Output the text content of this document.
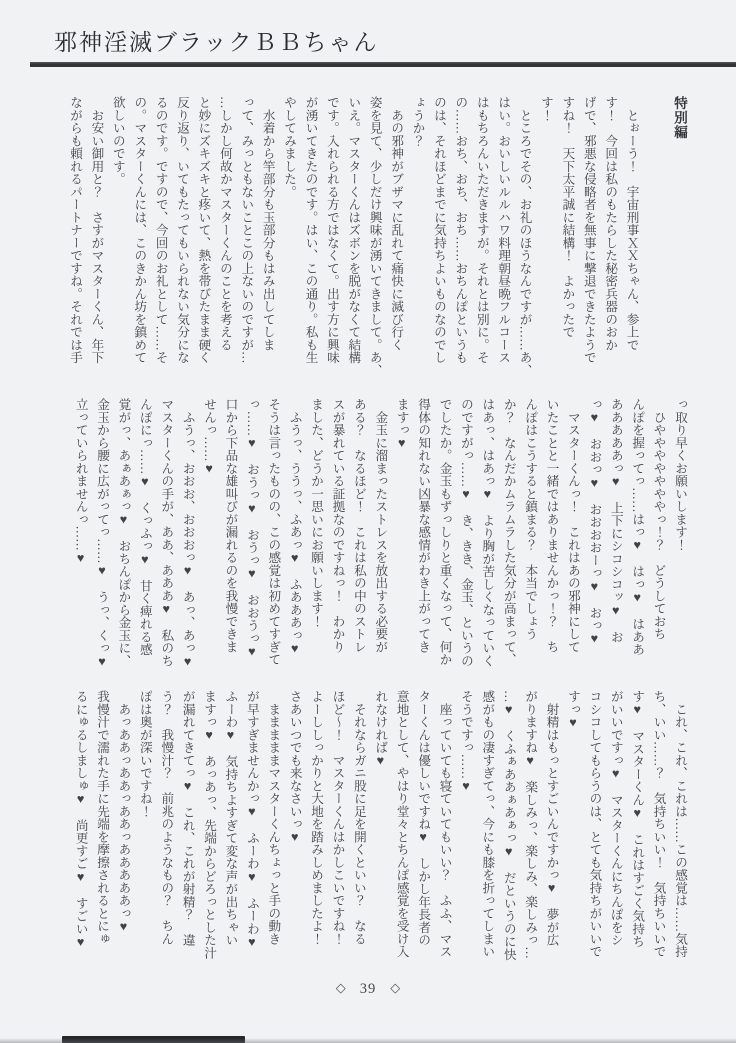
邪神淫滅ブラックＢＢちゃん
特別編
　とぉーう！　宇宙刑事ＸＸちゃん、参上で
す！　今回は私のもたらした秘密兵器のおか
げで、邪悪な侵略者を無事に撃退できたようで
すね！　天下太平誠に結構！　よかったで
す！
　ところでその、お礼のほうなんですが……あ、
はい。おいしいルルハワ料理朝昼晩フルコース
はもちろんいただきますが。それとは別に。そ
の……おち、おち、おち……おちんぽというも
のは、それほどまでに気持ちよいものなのでし
ょうか？
　あの邪神がブザマに乱れて痛快に滅び行く
姿を見て、少しだけ興味が湧いてきまして。あ、
いえ。マスターくんはズボンを脱がなくて結構
です。入れられる方ではなくて。出す方に興味
が湧いてきたのです。はい、この通り。私も生
やしてみました。
　水着から竿部分も玉部分もはみ出してしま
って、みっともないことこの上ないのですが…
…しかし何故かマスターくんのことを考える
と妙にズキズキと疼いて、熱を帯びたまま硬く
反り返り、いてもたってもいられない気分にな
るのです。ですので、今回のお礼として……そ
の。マスターくんには、このきかん坊を鎮めて
欲しいのです。
　お安い御用と？　さすがマスターくん、年下
ながらも頼れるパートナーですね。それでは手
っ取り早くお願いします！
　ひやややややややっ！？　どうしておち
んぽを握ってっ……はっ♥　はっ♥　はああ
あああああっ♥　上下にシコシコッ♥　お
っ♥　おおっ♥　おおおおーっ♥　おっ♥
　マスターくんっ！　これはあの邪神にして
いたことと一緒ではありませんかっ！？　ち
んぽはこうすると鎮まる？　本当でしょう
か？　なんだかムラムラした気分が高まって、
はあっ、はあっ♥　より胸が苦しくなっていく
のですがっ……♥　き、きき、金玉、というの
でしたか。金玉もずっしりと重くなって、何か
得体の知れない凶暴な感情がわき上がってき
ますっ♥
　金玉に溜まったストレスを放出する必要が
ある？　なるほど！　これは私の中のストレ
スが暴れている証拠なのですねっ！　わかり
ました、どうか一思いにお願いします！
　ふうっ、ううっ、ふあっ♥　ふあああっ♥
そうは言ったものの、この感覚は初めてすぎて
っ……♥　おうっ♥　おうっ♥　おおうっ♥
口から下品な雄叫びが漏れるのを我慢できま
せんっ……♥
　ふうっ、おおお、おおおっ♥　あっ、あっ♥
マスターくんの手が、ああ、あああ♥　私のち
んぽにっ……♥　くっふっ♥　甘く痺れる感
覚がっ、あぁあぁっ♥　おちんぽから金玉に、
金玉から腰に広がってっ……♥　うっ、くっ♥
立っていられませんっ……♥
　これ、これ、これは……この感覚は……気持
ち、いい……？　気持ちいい！　気持ちいいで
す♥　マスターくん♥　これはすごく気持ち
がいいですっ♥　マスターくんにちんぽをシ
コシコしてもらうのは、とても気持ちがいいで
すっ♥
　射精はもっとすごいんですかっ♥　夢が広
がりますね♥　楽しみっ、楽しみ、楽しみっ…
…♥　くふぁああぁあぁっ♥　だというのに快
感がもの凄すぎてっ、今にも膝を折ってしまい
そうですっ……♥
　座っていても寝ていてもいい？　ふふ、マス
ターくんは優しいですね♥　しかし年長者の
意地として、やはり堂々とちんぽ感覚を受け入
れなければ♥
　それならガニ股に足を開くといい？　なる
ほど〜！　マスターくんはかしこいですね！
よーししっかりと大地を踏みしめましたよ！
さあいつでも来なさいっ♥
　まままままマスターくんちょっと手の動き
が早すぎませんかっ♥　ふーわ♥　ふーわ♥
ふーわ♥　気持ちよすぎて変な声が出ちゃい
ますっ♥　あっあっ、先端からどろっとした汁
が漏れてきてっ♥　これ、これが射精？　違
う？　我慢汁？　前兆のようなもの？　ちん
ぽは奥が深いですね！
　あっああっああっああっあああああっ♥
我慢汁で濡れた手に先端を摩擦されるとにゅ
るにゅるしましゅ♥　尚更すご♥　すごい♥
◇ 39 ◇
